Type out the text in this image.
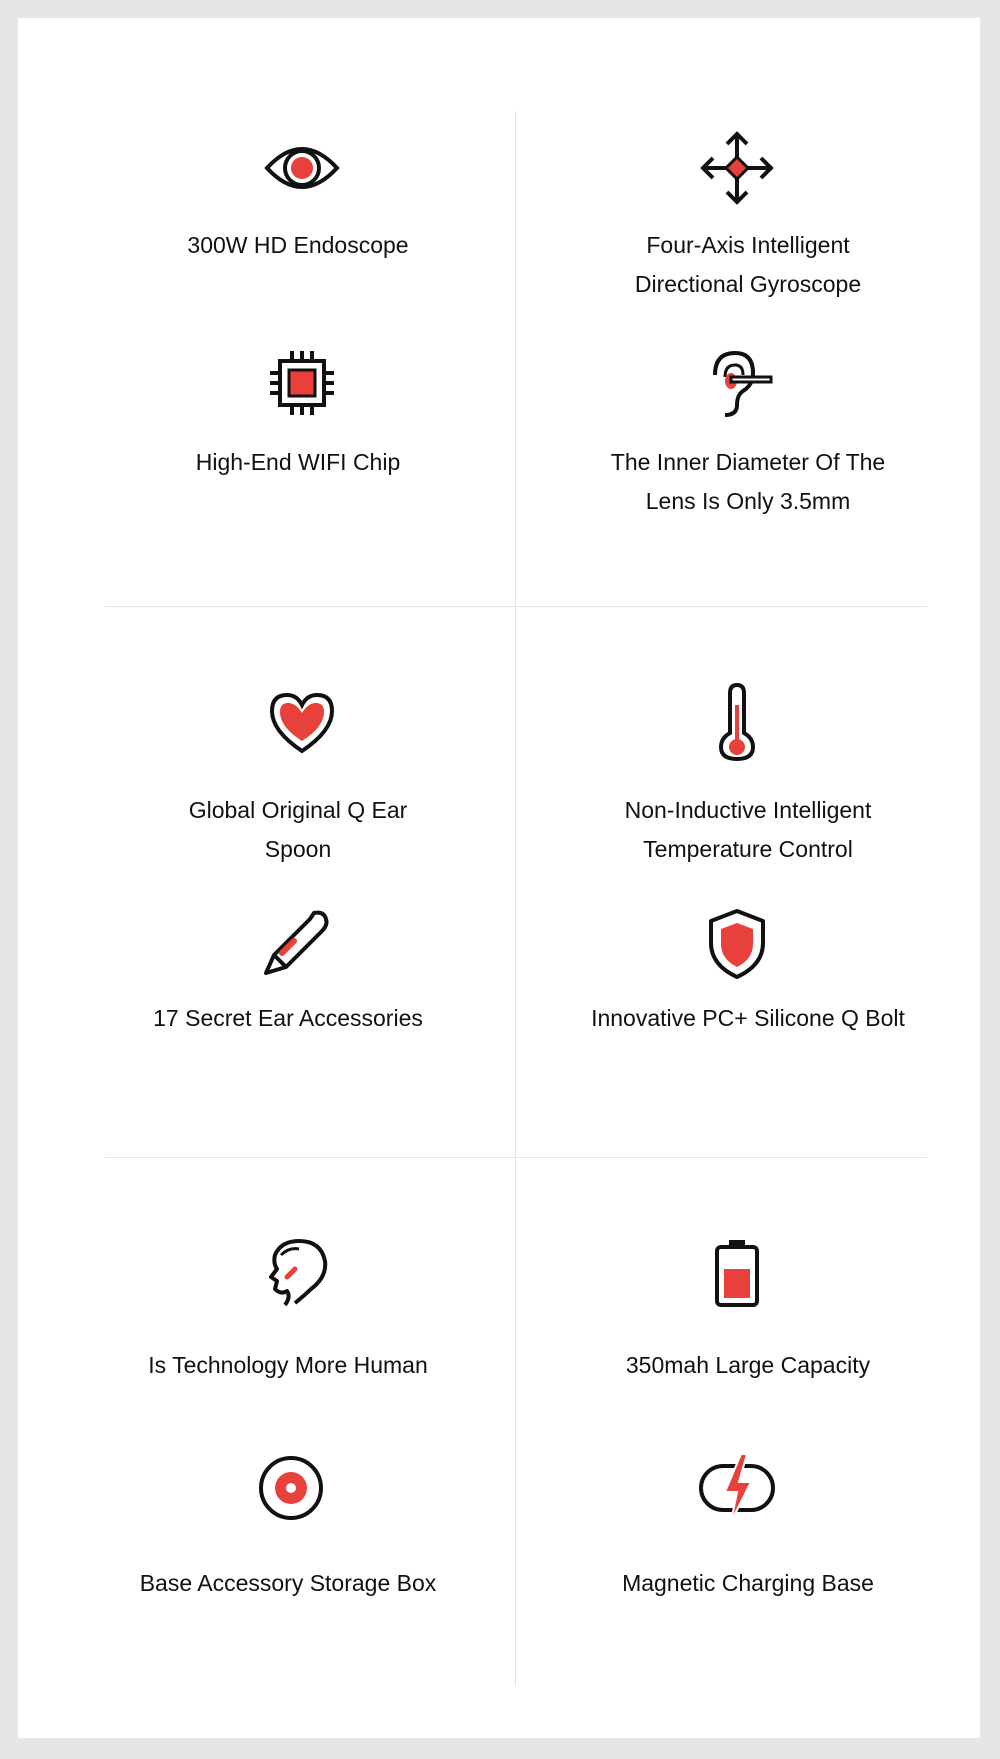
300W HD Endoscope	Four-Axis Intelligent
Directional Gyroscope
High-End WIFI Chip	The Inner Diameter Of The
Lens Is Only 3.5mm
Global Original Q Ear
Spoon
Non-Inductive Intelligent
Temperature Control
17 Secret Ear Accessories	Innovative PC+ Silicone Q Bolt
Is Technology More Human	350mah Large Capacity
Base Accessory Storage Box	Magnetic Charging Base
